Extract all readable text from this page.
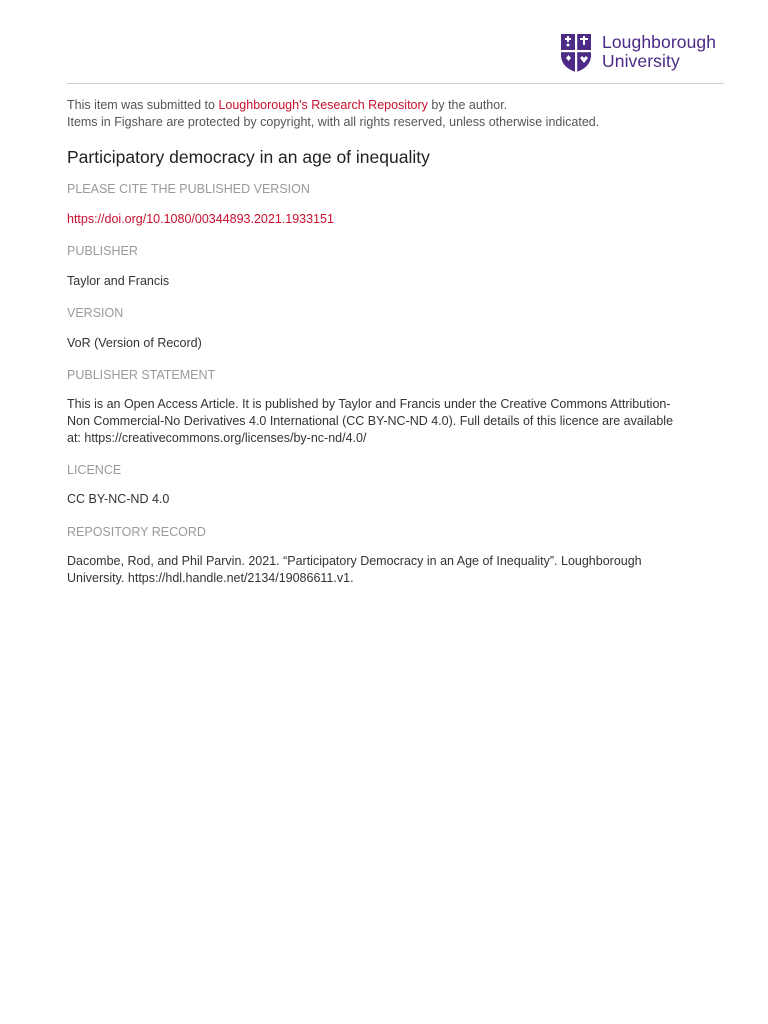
Loughborough
University
This item was submitted to Loughborough's Research Repository by the author.
Items in Figshare are protected by copyright, with all rights reserved, unless otherwise indicated.
Participatory democracy in an age of inequality
PLEASE CITE THE PUBLISHED VERSION
https://doi.org/10.1080/00344893.2021.1933151
PUBLISHER
Taylor and Francis
VERSION
VoR (Version of Record)
PUBLISHER STATEMENT
This is an Open Access Article. It is published by Taylor and Francis under the Creative Commons Attribution-
Non Commercial-No Derivatives 4.0 International (CC BY-NC-ND 4.0). Full details of this licence are available
at: https://creativecommons.org/licenses/by-nc-nd/4.0/
LICENCE
CC BY-NC-ND 4.0
REPOSITORY RECORD
Dacombe, Rod, and Phil Parvin. 2021. “Participatory Democracy in an Age of Inequality”. Loughborough
University. https://hdl.handle.net/2134/19086611.v1.
